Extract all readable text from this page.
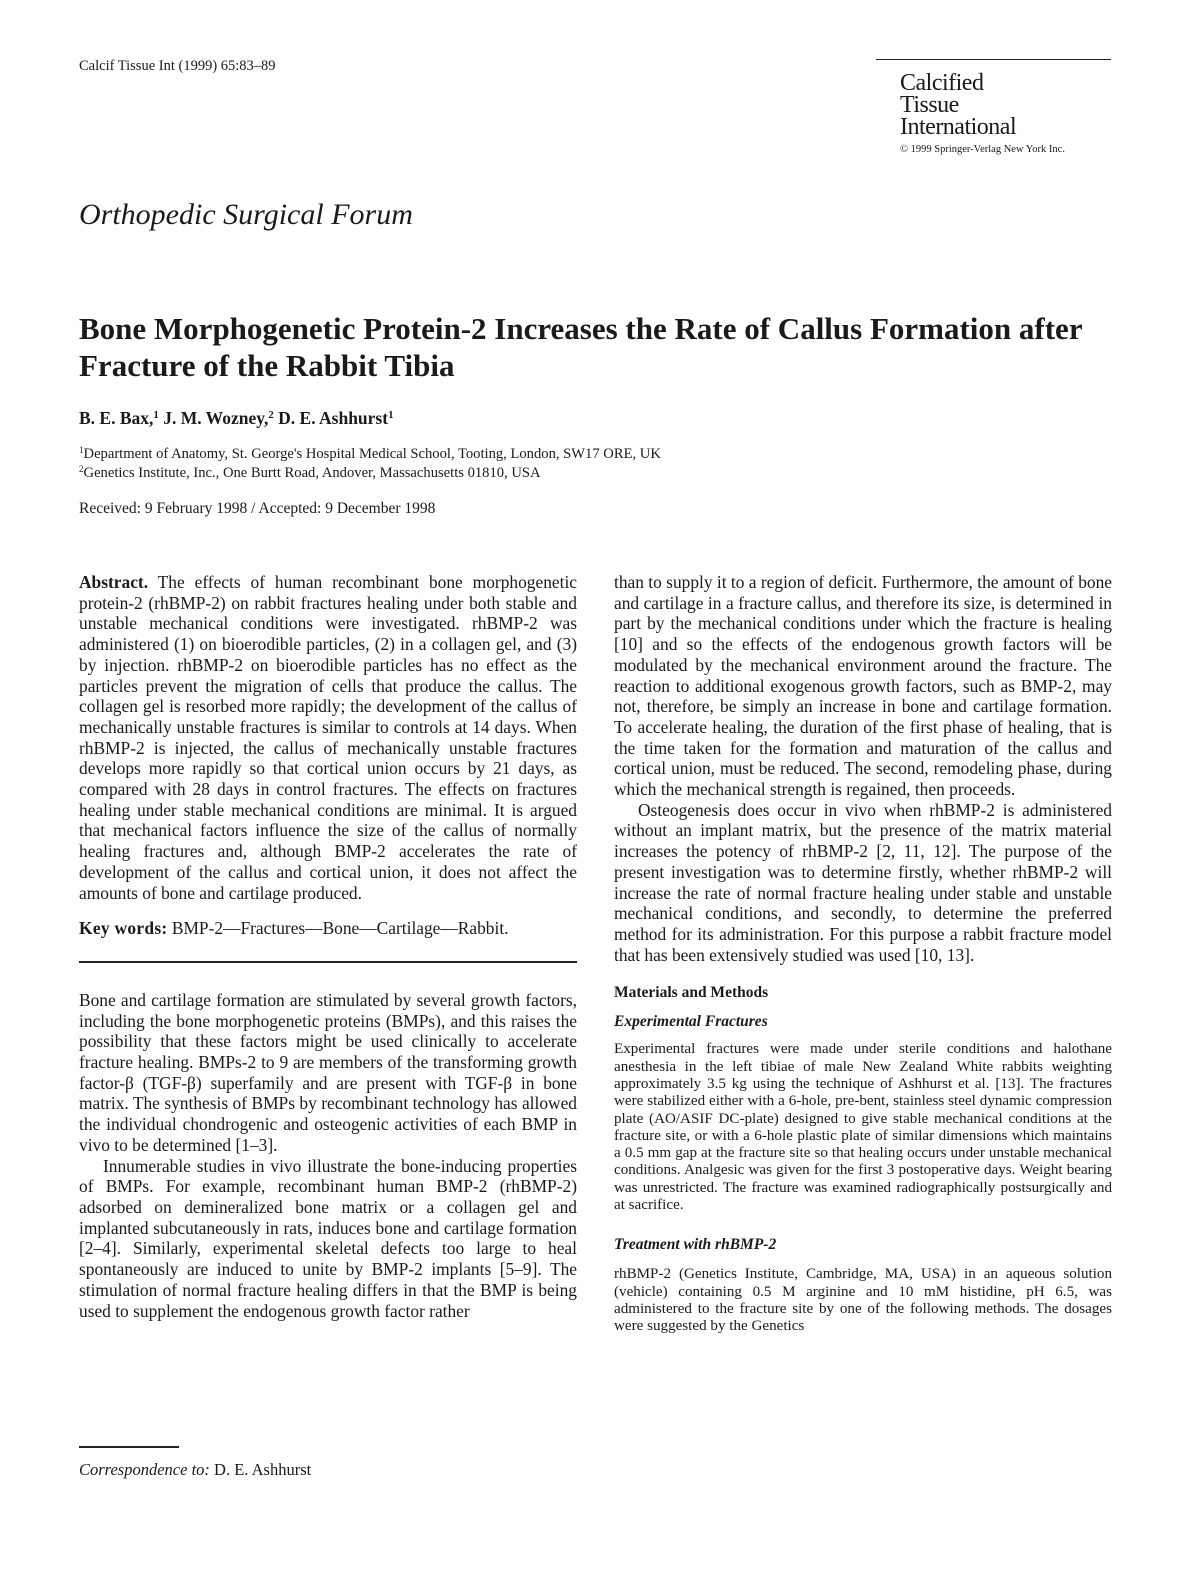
Calcif Tissue Int (1999) 65:83–89
Calcified
Tissue
International
© 1999 Springer-Verlag New York Inc.
Orthopedic Surgical Forum
Bone Morphogenetic Protein-2 Increases the Rate of Callus Formation after Fracture of the Rabbit Tibia
B. E. Bax,$^1$ J. M. Wozney,$^2$ D. E. Ashhurst$^1$

$^1$Department of Anatomy, St. George's Hospital Medical School, Tooting, London, SW17 ORE, UK

$^2$Genetics Institute, Inc., One Burtt Road, Andover, Massachusetts 01810, USA

Received: 9 February 1998 / Accepted: 9 December 1998

Abstract. The effects of human recombinant bone morphogenetic protein-2 (rhBMP-2) on rabbit fractures healing under both stable and unstable mechanical conditions were investigated. rhBMP-2 was administered (1) on bioerodible particles, (2) in a collagen gel, and (3) by injection. rhBMP-2 on bioerodible particles has no effect as the particles prevent the migration of cells that produce the callus. The collagen gel is resorbed more rapidly; the development of the callus of mechanically unstable fractures is similar to controls at 14 days. When rhBMP-2 is injected, the callus of mechanically unstable fractures develops more rapidly so that cortical union occurs by 21 days, as compared with 28 days in control fractures. The effects on fractures healing under stable mechanical conditions are minimal. It is argued that mechanical factors influence the size of the callus of normally healing fractures and, although BMP-2 accelerates the rate of development of the callus and cortical union, it does not affect the amounts of bone and cartilage produced.

Key words: BMP-2—Fractures—Bone—Cartilage—Rabbit.

Bone and cartilage formation are stimulated by several growth factors, including the bone morphogenetic proteins (BMPs), and this raises the possibility that these factors might be used clinically to accelerate fracture healing. BMPs-2 to 9 are members of the transforming growth factor-β (TGF-β) superfamily and are present with TGF-β in bone matrix. The synthesis of BMPs by recombinant technology has allowed the individual chondrogenic and osteogenic activities of each BMP in vivo to be determined [1–3].

Innumerable studies in vivo illustrate the bone-inducing properties of BMPs. For example, recombinant human BMP-2 (rhBMP-2) adsorbed on demineralized bone matrix or a collagen gel and implanted subcutaneously in rats, induces bone and cartilage formation [2–4]. Similarly, experimental skeletal defects too large to heal spontaneously are induced to unite by BMP-2 implants [5–9]. The stimulation of normal fracture healing differs in that the BMP is being used to supplement the endogenous growth factor rather

than to supply it to a region of deficit. Furthermore, the amount of bone and cartilage in a fracture callus, and therefore its size, is determined in part by the mechanical conditions under which the fracture is healing [10] and so the effects of the endogenous growth factors will be modulated by the mechanical environment around the fracture. The reaction to additional exogenous growth factors, such as BMP-2, may not, therefore, be simply an increase in bone and cartilage formation. To accelerate healing, the duration of the first phase of healing, that is the time taken for the formation and maturation of the callus and cortical union, must be reduced. The second, remodeling phase, during which the mechanical strength is regained, then proceeds.

Osteogenesis does occur in vivo when rhBMP-2 is administered without an implant matrix, but the presence of the matrix material increases the potency of rhBMP-2 [2, 11, 12]. The purpose of the present investigation was to determine firstly, whether rhBMP-2 will increase the rate of normal fracture healing under stable and unstable mechanical conditions, and secondly, to determine the preferred method for its administration. For this purpose a rabbit fracture model that has been extensively studied was used [10, 13].

Materials and Methods
Experimental Fractures

Experimental fractures were made under sterile conditions and halothane anesthesia in the left tibiae of male New Zealand White rabbits weighting approximately 3.5 kg using the technique of Ashhurst et al. [13]. The fractures were stabilized either with a 6-hole, pre-bent, stainless steel dynamic compression plate (AO/ASIF DC-plate) designed to give stable mechanical conditions at the fracture site, or with a 6-hole plastic plate of similar dimensions which maintains a 0.5 mm gap at the fracture site so that healing occurs under unstable mechanical conditions. Analgesic was given for the first 3 postoperative days. Weight bearing was unrestricted. The fracture was examined radiographically postsurgically and at sacrifice.

Treatment with rhBMP-2

rhBMP-2 (Genetics Institute, Cambridge, MA, USA) in an aqueous solution (vehicle) containing 0.5 M arginine and 10 mM histidine, pH 6.5, was administered to the fracture site by one of the following methods. The dosages were suggested by the Genetics

Correspondence to: D. E. Ashhurst
